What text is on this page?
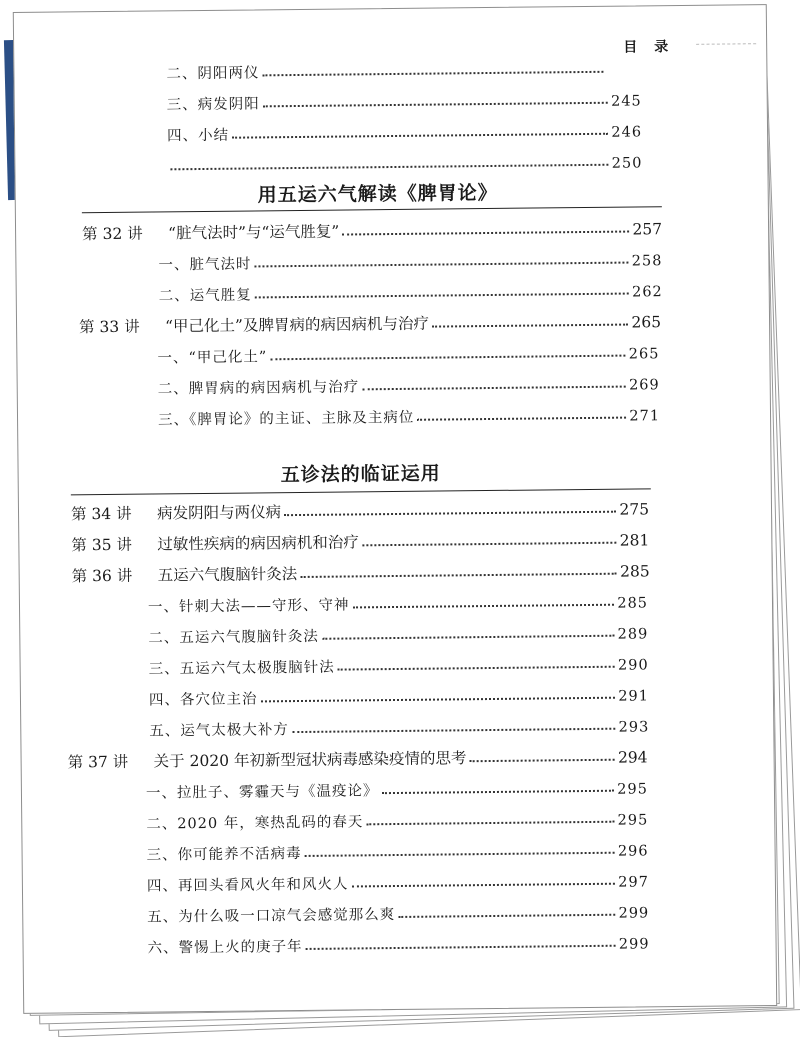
目 录
二、阴阳两仪
三、病发阴阳	245
四、小结	246
250
用五运六气解读《脾胃论》
第 32 讲	“脏气法时”与“运气胜复”	257
一、脏气法时	258
二、运气胜复	262
第 33 讲	“甲己化土”及脾胃病的病因病机与治疗	265
一、“甲己化土”	265
二、脾胃病的病因病机与治疗	269
三、《脾胃论》的主证、主脉及主病位	271
五诊法的临证运用
第 34 讲	病发阴阳与两仪病	275
第 35 讲	过敏性疾病的病因病机和治疗	281
第 36 讲	五运六气腹脑针灸法	285
一、针刺大法——守形、守神	285
二、五运六气腹脑针灸法	289
三、五运六气太极腹脑针法	290
四、各穴位主治	291
五、运气太极大补方	293
第 37 讲	关于 2020 年初新型冠状病毒感染疫情的思考	294
一、拉肚子、雾霾天与《温疫论》	295
二、2020 年，寒热乱码的春天	295
三、你可能养不活病毒	296
四、再回头看风火年和风火人	297
五、为什么吸一口凉气会感觉那么爽	299
六、警惕上火的庚子年	299
